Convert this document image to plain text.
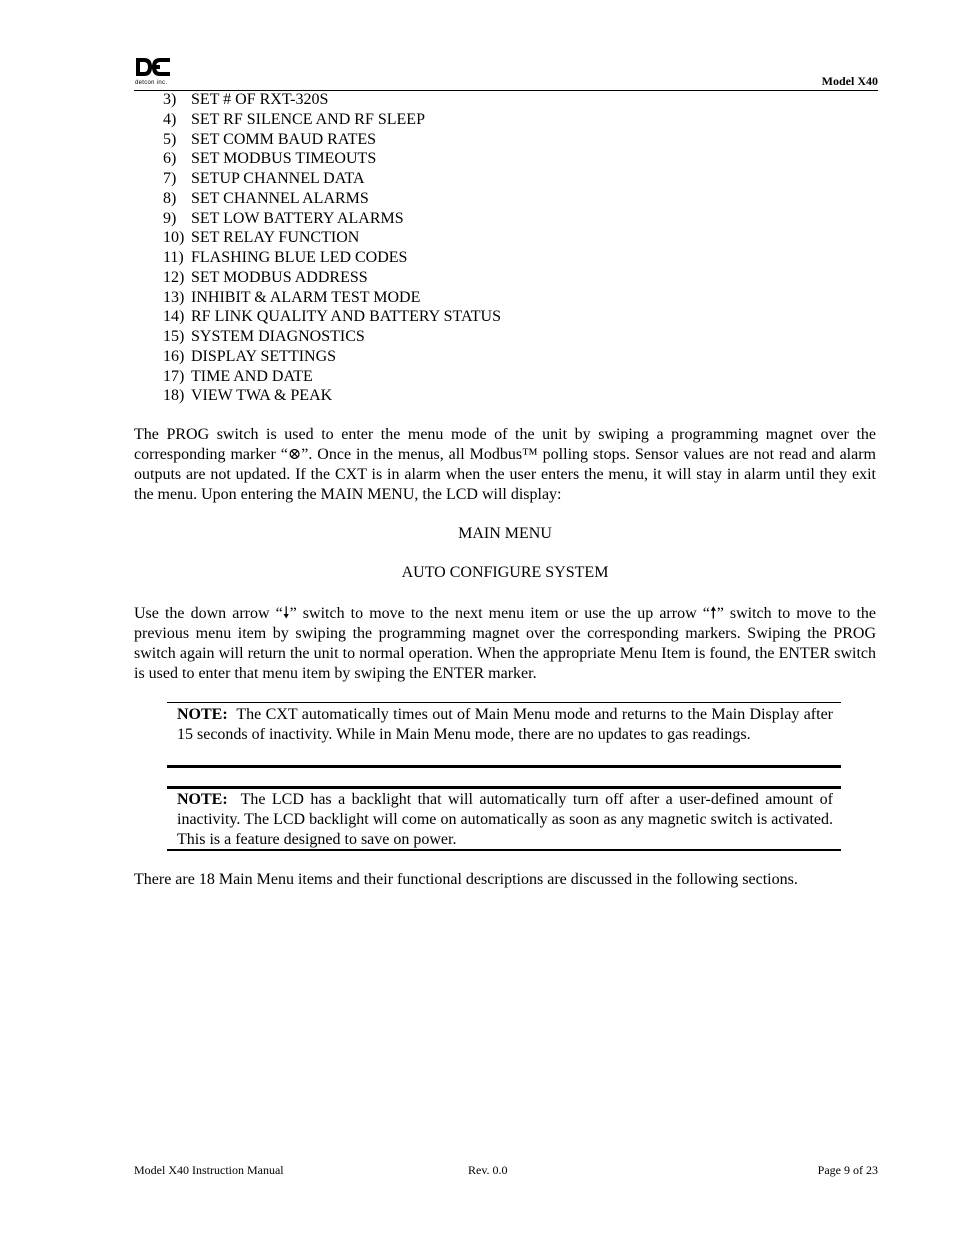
detcon inc.	Model X40
3) SET # OF RXT-320S
4) SET RF SILENCE AND RF SLEEP
5) SET COMM BAUD RATES
6) SET MODBUS TIMEOUTS
7) SETUP CHANNEL DATA
8) SET CHANNEL ALARMS
9) SET LOW BATTERY ALARMS
10) SET RELAY FUNCTION
11) FLASHING BLUE LED CODES
12) SET MODBUS ADDRESS
13) INHIBIT & ALARM TEST MODE
14) RF LINK QUALITY AND BATTERY STATUS
15) SYSTEM DIAGNOSTICS
16) DISPLAY SETTINGS
17) TIME AND DATE
18) VIEW TWA & PEAK

The PROG switch is used to enter the menu mode of the unit by swiping a programming magnet over the corresponding marker “⊗”. Once in the menus, all Modbus™ polling stops. Sensor values are not read and alarm outputs are not updated. If the CXT is in alarm when the user enters the menu, it will stay in alarm until they exit the menu. Upon entering the MAIN MENU, the LCD will display:

MAIN MENU

AUTO CONFIGURE SYSTEM

Use the down arrow “🠗” switch to move to the next menu item or use the up arrow “🠕” switch to move to the previous menu item by swiping the programming magnet over the corresponding markers. Swiping the PROG switch again will return the unit to normal operation. When the appropriate Menu Item is found, the ENTER switch is used to enter that menu item by swiping the ENTER marker.

NOTE: The CXT automatically times out of Main Menu mode and returns to the Main Display after 15 seconds of inactivity. While in Main Menu mode, there are no updates to gas readings.
NOTE: The LCD has a backlight that will automatically turn off after a user-defined amount of inactivity. The LCD backlight will come on automatically as soon as any magnetic switch is activated. This is a feature designed to save on power.

There are 18 Main Menu items and their functional descriptions are discussed in the following sections.

Model X40 Instruction Manual	Rev. 0.0	Page 9 of 23
